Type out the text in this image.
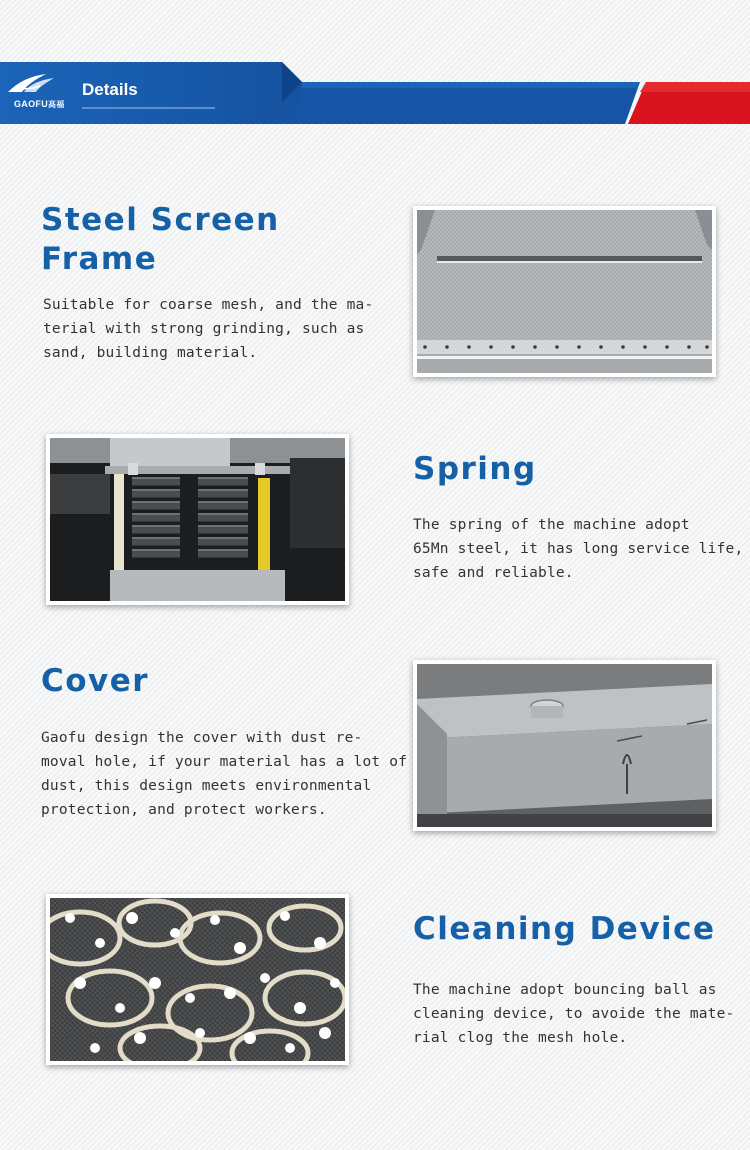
GAOFU高福
Details
Steel Screen
Frame

Suitable for coarse mesh, and the ma-
terial with strong grinding, such as
sand, building material.

Spring

The spring of the machine adopt
65Mn steel, it has long service life,
safe and reliable.

Cover

Gaofu design the cover with dust re-
moval hole, if your material has a lot of
dust, this design meets environmental
protection, and protect workers.

Cleaning Device

The machine adopt bouncing ball as
cleaning device, to avoide the mate-
rial clog the mesh hole.
